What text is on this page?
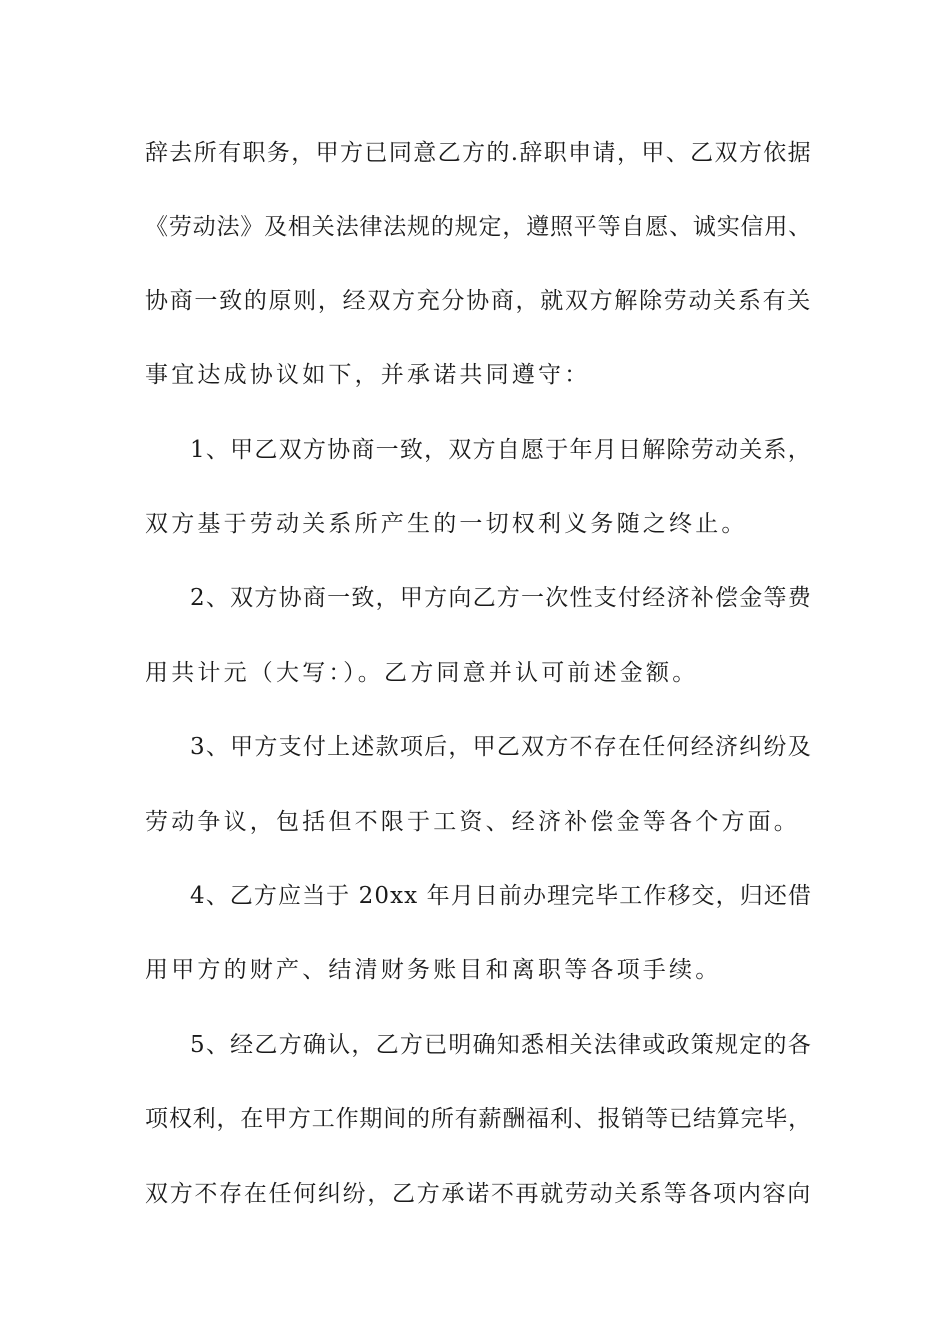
辞去所有职务，甲方已同意乙方的.辞职申请，甲、乙双方依据
《劳动法》及相关法律法规的规定，遵照平等自愿、诚实信用、
协商一致的原则，经双方充分协商，就双方解除劳动关系有关
事宜达成协议如下，并承诺共同遵守：
1、甲乙双方协商一致，双方自愿于年月日解除劳动关系，
双方基于劳动关系所产生的一切权利义务随之终止。
2、双方协商一致，甲方向乙方一次性支付经济补偿金等费
用共计元（大写：）。乙方同意并认可前述金额。
3、甲方支付上述款项后，甲乙双方不存在任何经济纠纷及
劳动争议，包括但不限于工资、经济补偿金等各个方面。
4、乙方应当于 20xx 年月日前办理完毕工作移交，归还借
用甲方的财产、结清财务账目和离职等各项手续。
5、经乙方确认，乙方已明确知悉相关法律或政策规定的各
项权利，在甲方工作期间的所有薪酬福利、报销等已结算完毕，
双方不存在任何纠纷，乙方承诺不再就劳动关系等各项内容向
